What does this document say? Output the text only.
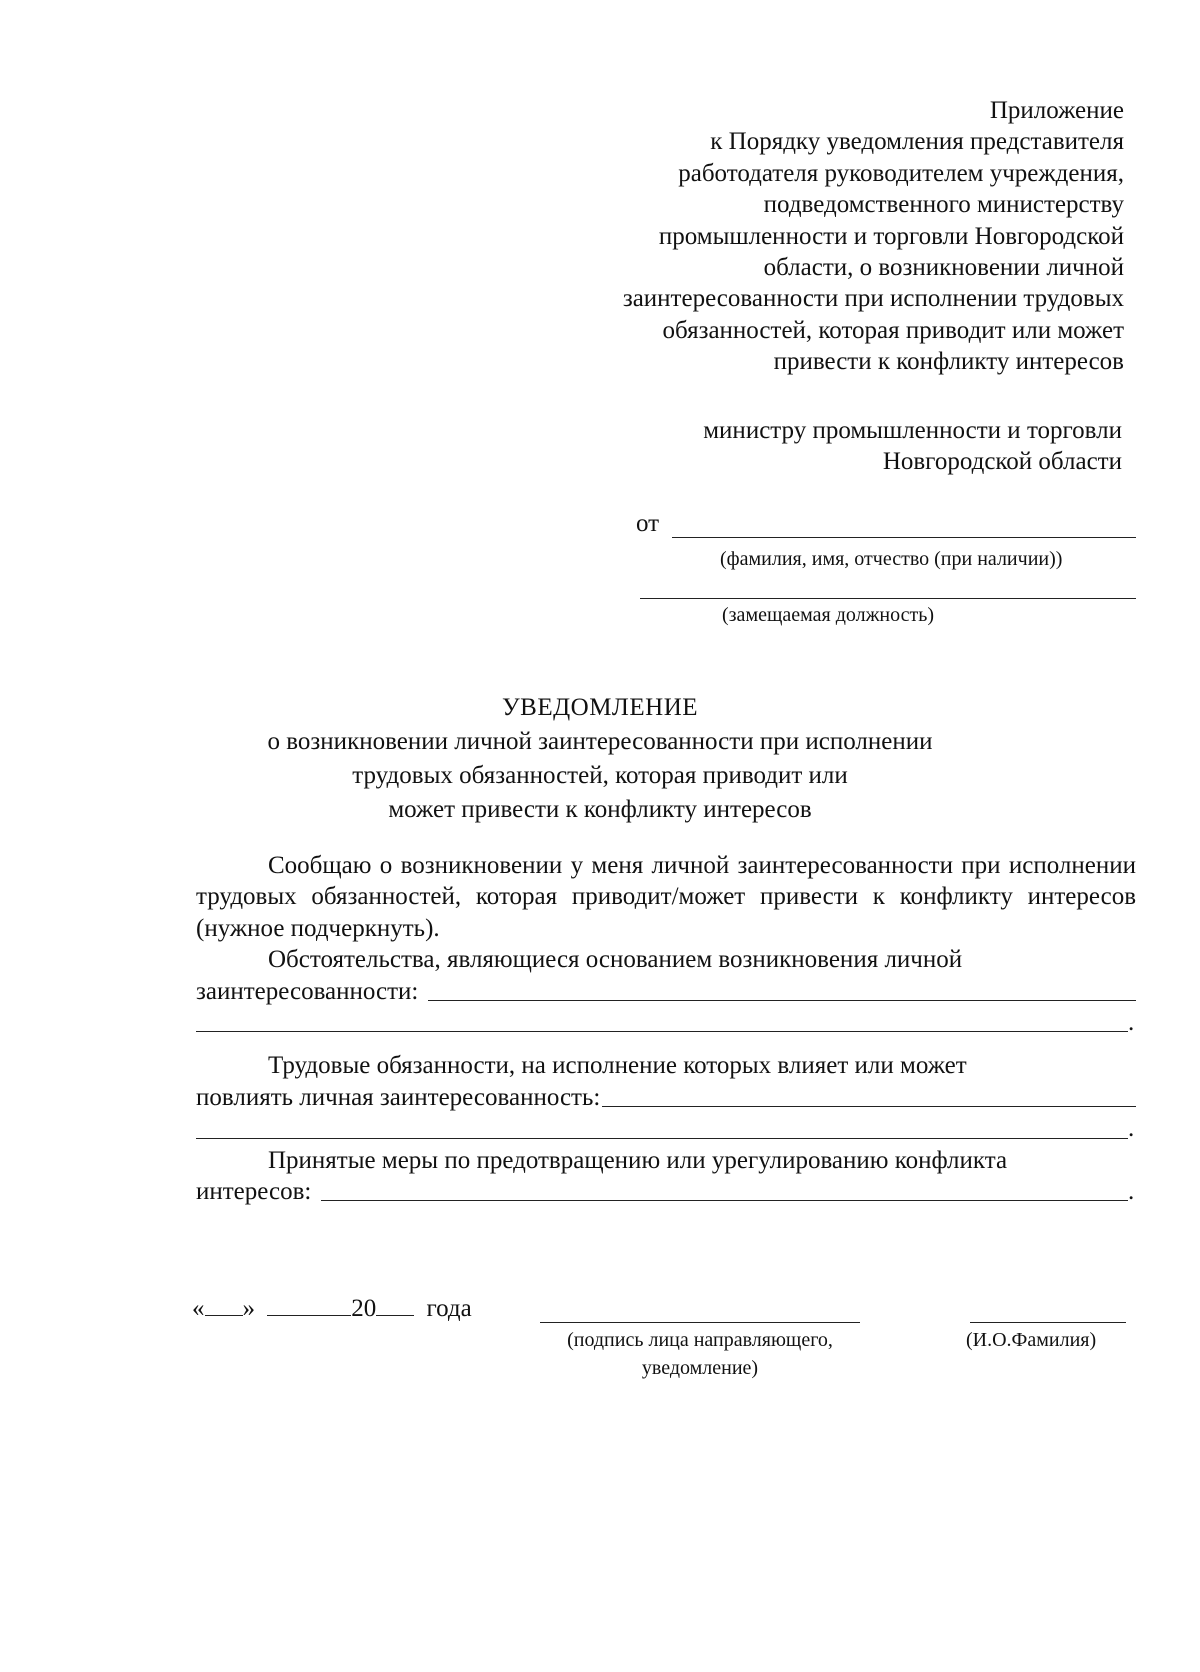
Приложение
к Порядку уведомления представителя
работодателя руководителем учреждения,
подведомственного министерству
промышленности и торговли Новгородской
области, о возникновении личной
заинтересованности при исполнении трудовых
обязанностей, которая приводит или может
привести к конфликту интересов
министру промышленности и торговли
Новгородской области
от
(фамилия, имя, отчество (при наличии))
(замещаемая должность)
УВЕДОМЛЕНИЕ
о возникновении личной заинтересованности при исполнении
трудовых обязанностей, которая приводит или
может привести к конфликту интересов

Сообщаю о возникновении у меня личной заинтересованности при исполнении трудовых обязанностей, которая приводит/может привести к конфликту интересов (нужное подчеркнуть).

Обстоятельства, являющиеся основанием возникновения личной
заинтересованности:
.
Трудовые обязанности, на исполнение которых влияет или может
повлиять личная заинтересованность:
.
Принятые меры по предотвращению или урегулированию конфликта
интересов:	.
« »	20 года
(подпись лица направляющего,
уведомление)
(И.О.Фамилия)
